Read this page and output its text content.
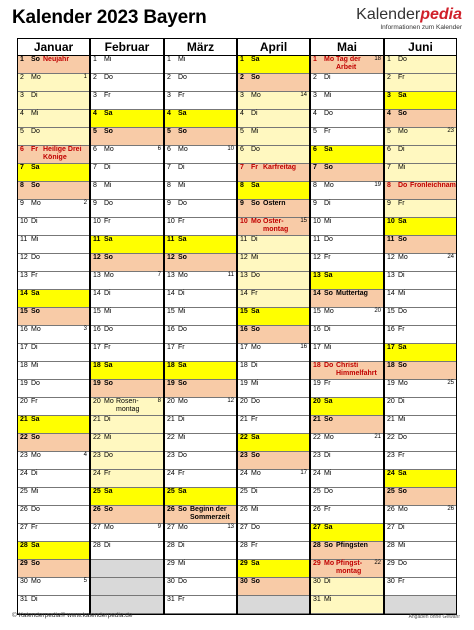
Kalender 2023 Bayern	Kalenderpedia
Informationen zum Kalender
Januar
1 So Neujahr
2 Mo	1
3 Di
4 Mi
5 Do
6 Fr Heilige Drei
Könige
7 Sa
8 So
9 Mo	2
10 Di
11 Mi
12 Do
13 Fr
14 Sa
15 So
16 Mo	3
17 Di
18 Mi
19 Do
20 Fr
21 Sa
22 So
23 Mo	4
24 Di
25 Mi
26 Do
27 Fr
28 Sa
29 So
30 Mo	5
31 Di
Februar
1 Mi
2 Do
3 Fr
4 Sa
5 So
6 Mo	6
7 Di
8 Mi
9 Do
10 Fr
11 Sa
12 So
13 Mo	7
14 Di
15 Mi
16 Do
17 Fr
18 Sa
19 So
20 Mo	8
Rosen-
montag
21 Di
22 Mi
23 Do
24 Fr
25 Sa
26 So
27 Mo	9
28 Di
März
1 Mi
2 Do
3 Fr
4 Sa
5 So
6 Mo	10
7 Di
8 Mi
9 Do
10 Fr
11 Sa
12 So
13 Mo	11
14 Di
15 Mi
16 Do
17 Fr
18 Sa
19 So
20 Mo	12
21 Di
22 Mi
23 Do
24 Fr
25 Sa
26 So Beginn der
Sommerzeit
27 Mo	13
28 Di
29 Mi
30 Do
31 Fr
April
1 Sa
2 So
3 Mo	14
4 Di
5 Mi
6 Do
7 Fr Karfreitag
8 Sa
9 So Ostern
10 Mo	15
Oster-
montag
11 Di
12 Mi
13 Do
14 Fr
15 Sa
16 So
17 Mo	16
18 Di
19 Mi
20 Do
21 Fr
22 Sa
23 So
24 Mo	17
25 Di
26 Mi
27 Do
28 Fr
29 Sa
30 So
Mai
1 Mo	18
Tag der
Arbeit
2 Di
3 Mi
4 Do
5 Fr
6 Sa
7 So
8 Mo	19
9 Di
10 Mi
11 Do
12 Fr
13 Sa
14 So Muttertag
15 Mo	20
16 Di
17 Mi
18 Do Christi
Himmelfahrt
19 Fr
20 Sa
21 So
22 Mo	21
23 Di
24 Mi
25 Do
26 Fr
27 Sa
28 So Pfingsten
29 Mo	22
Pfingst-
montag
30 Di
31 Mi
Juni
1 Do
2 Fr
3 Sa
4 So
5 Mo	23
6 Di
7 Mi
8 Do Fronleichnam
9 Fr
10 Sa
11 So
12 Mo	24
13 Di
14 Mi
15 Do
16 Fr
17 Sa
18 So
19 Mo	25
20 Di
21 Mi
22 Do
23 Fr
24 Sa
25 So
26 Mo	26
27 Di
28 Mi
29 Do
30 Fr
© Kalenderpedia® www.kalenderpedia.de	Angaben ohne Gewähr
